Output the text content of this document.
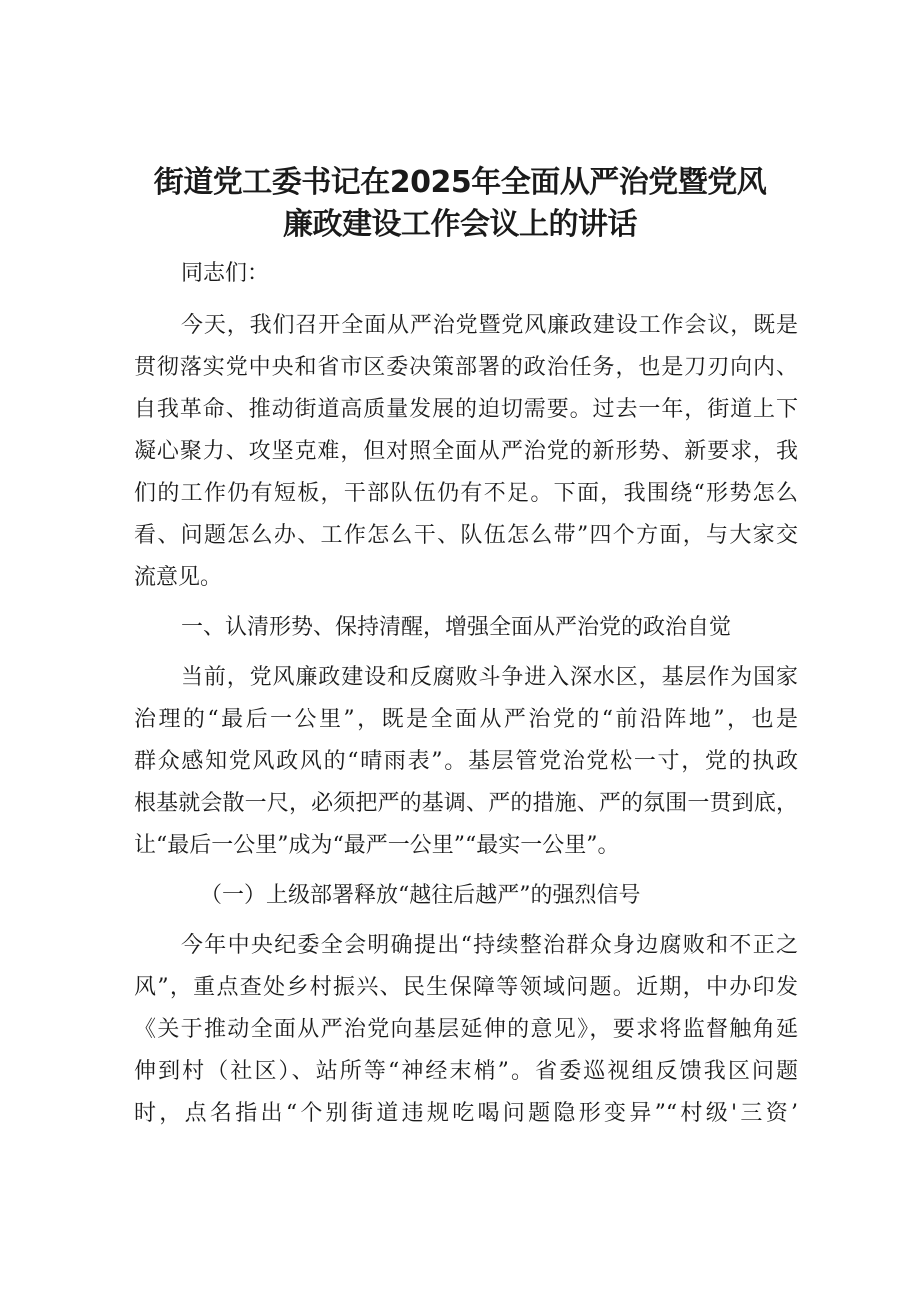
街道党工委书记在2025年全面从严治党暨党风
廉政建设工作会议上的讲话
同志们：
今天，我们召开全面从严治党暨党风廉政建设工作会议，既是
贯彻落实党中央和省市区委决策部署的政治任务，也是刀刃向内、
自我革命、推动街道高质量发展的迫切需要。过去一年，街道上下
凝心聚力、攻坚克难，但对照全面从严治党的新形势、新要求，我
们的工作仍有短板，干部队伍仍有不足。下面，我围绕“形势怎么
看、问题怎么办、工作怎么干、队伍怎么带”四个方面，与大家交
流意见。
一、认清形势、保持清醒，增强全面从严治党的政治自觉
当前，党风廉政建设和反腐败斗争进入深水区，基层作为国家
治理的“最后一公里”，既是全面从严治党的“前沿阵地”，也是
群众感知党风政风的“晴雨表”。基层管党治党松一寸，党的执政
根基就会散一尺，必须把严的基调、严的措施、严的氛围一贯到底，
让“最后一公里”成为“最严一公里”“最实一公里”。
（一）上级部署释放“越往后越严”的强烈信号
今年中央纪委全会明确提出“持续整治群众身边腐败和不正之
风”，重点查处乡村振兴、民生保障等领域问题。近期，中办印发
《关于推动全面从严治党向基层延伸的意见》，要求将监督触角延
伸到村（社区）、站所等“神经末梢”。省委巡视组反馈我区问题
时，点名指出“个别街道违规吃喝问题隐形变异”“村级'三资’
